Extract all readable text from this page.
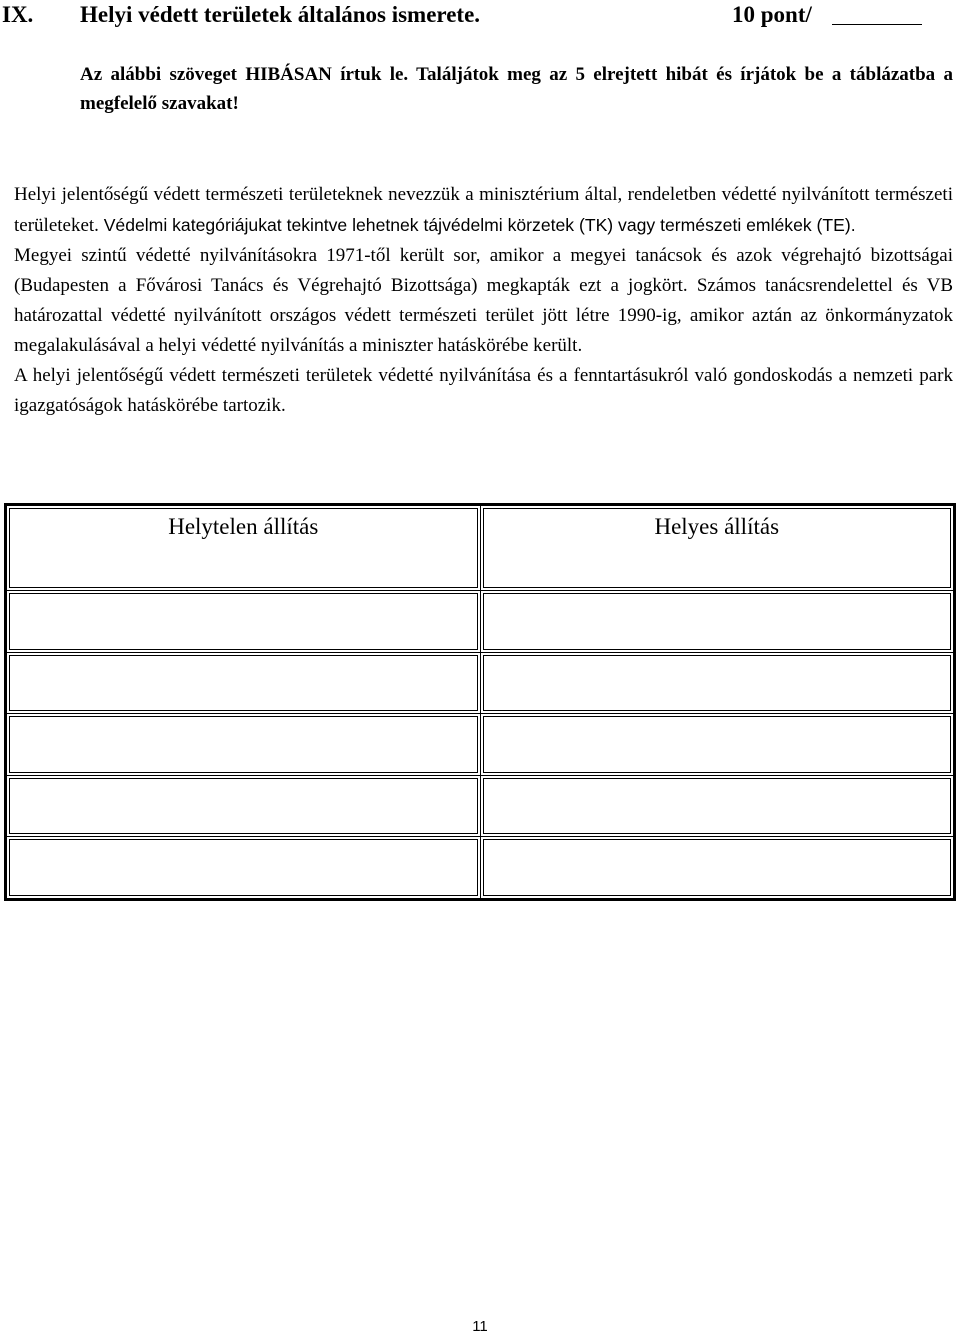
IX. Helyi védett területek általános ismerete.	10 pont/
Az alábbi szöveget HIBÁSAN írtuk le. Találjátok meg az 5 elrejtett hibát és írjátok be a táblázatba a megfelelő szavakat!

Helyi jelentőségű védett természeti területeknek nevezzük a minisztérium által, rendeletben védetté nyilvánított természeti területeket. Védelmi kategóriájukat tekintve lehetnek tájvédelmi körzetek (TK) vagy természeti emlékek (TE).

Megyei szintű védetté nyilvánításokra 1971-től került sor, amikor a megyei tanácsok és azok végrehajtó bizottságai (Budapesten a Fővárosi Tanács és Végrehajtó Bizottsága) megkapták ezt a jogkört. Számos tanácsrendelettel és VB határozattal védetté nyilvánított országos védett természeti terület jött létre 1990-ig, amikor aztán az önkormányzatok megalakulásával a helyi védetté nyilvánítás a miniszter hatáskörébe került.

A helyi jelentőségű védett természeti területek védetté nyilvánítása és a fenntartásukról való gondoskodás a nemzeti park igazgatóságok hatáskörébe tartozik.

Helytelen állítás	Helyes állítás

11
